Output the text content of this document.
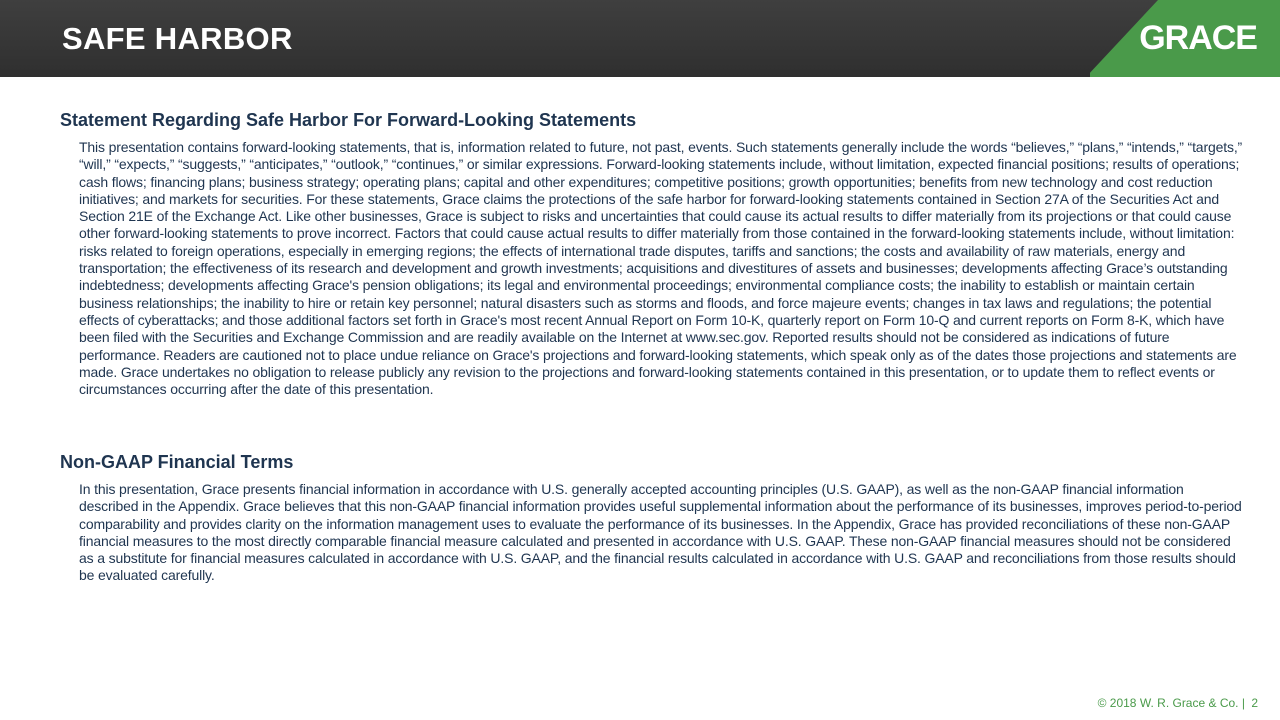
SAFE HARBOR	GRACE
Statement Regarding Safe Harbor For Forward-Looking Statements
This presentation contains forward-looking statements, that is, information related to future, not past, events. Such statements generally include the words “believes,” “plans,” “intends,” “targets,” “will,” “expects,” “suggests,” “anticipates,” “outlook,” “continues,” or similar expressions. Forward-looking statements include, without limitation, expected financial positions; results of operations; cash flows; financing plans; business strategy; operating plans; capital and other expenditures; competitive positions; growth opportunities; benefits from new technology and cost reduction initiatives; and markets for securities. For these statements, Grace claims the protections of the safe harbor for forward-looking statements contained in Section 27A of the Securities Act and Section 21E of the Exchange Act. Like other businesses, Grace is subject to risks and uncertainties that could cause its actual results to differ materially from its projections or that could cause other forward-looking statements to prove incorrect. Factors that could cause actual results to differ materially from those contained in the forward-looking statements include, without limitation: risks related to foreign operations, especially in emerging regions; the effects of international trade disputes, tariffs and sanctions; the costs and availability of raw materials, energy and transportation; the effectiveness of its research and development and growth investments; acquisitions and divestitures of assets and businesses; developments affecting Grace’s outstanding indebtedness; developments affecting Grace's pension obligations; its legal and environmental proceedings; environmental compliance costs; the inability to establish or maintain certain business relationships; the inability to hire or retain key personnel; natural disasters such as storms and floods, and force majeure events; changes in tax laws and regulations; the potential effects of cyberattacks; and those additional factors set forth in Grace's most recent Annual Report on Form 10-K, quarterly report on Form 10-Q and current reports on Form 8-K, which have been filed with the Securities and Exchange Commission and are readily available on the Internet at www.sec.gov. Reported results should not be considered as indications of future performance. Readers are cautioned not to place undue reliance on Grace's projections and forward-looking statements, which speak only as of the dates those projections and statements are made. Grace undertakes no obligation to release publicly any revision to the projections and forward-looking statements contained in this presentation, or to update them to reflect events or circumstances occurring after the date of this presentation.
Non-GAAP Financial Terms
In this presentation, Grace presents financial information in accordance with U.S. generally accepted accounting principles (U.S. GAAP), as well as the non-GAAP financial information described in the Appendix. Grace believes that this non-GAAP financial information provides useful supplemental information about the performance of its businesses, improves period-to-period comparability and provides clarity on the information management uses to evaluate the performance of its businesses. In the Appendix, Grace has provided reconciliations of these non-GAAP financial measures to the most directly comparable financial measure calculated and presented in accordance with U.S. GAAP. These non-GAAP financial measures should not be considered as a substitute for financial measures calculated in accordance with U.S. GAAP, and the financial results calculated in accordance with U.S. GAAP and reconciliations from those results should be evaluated carefully.
© 2018 W. R. Grace & Co. | 2
